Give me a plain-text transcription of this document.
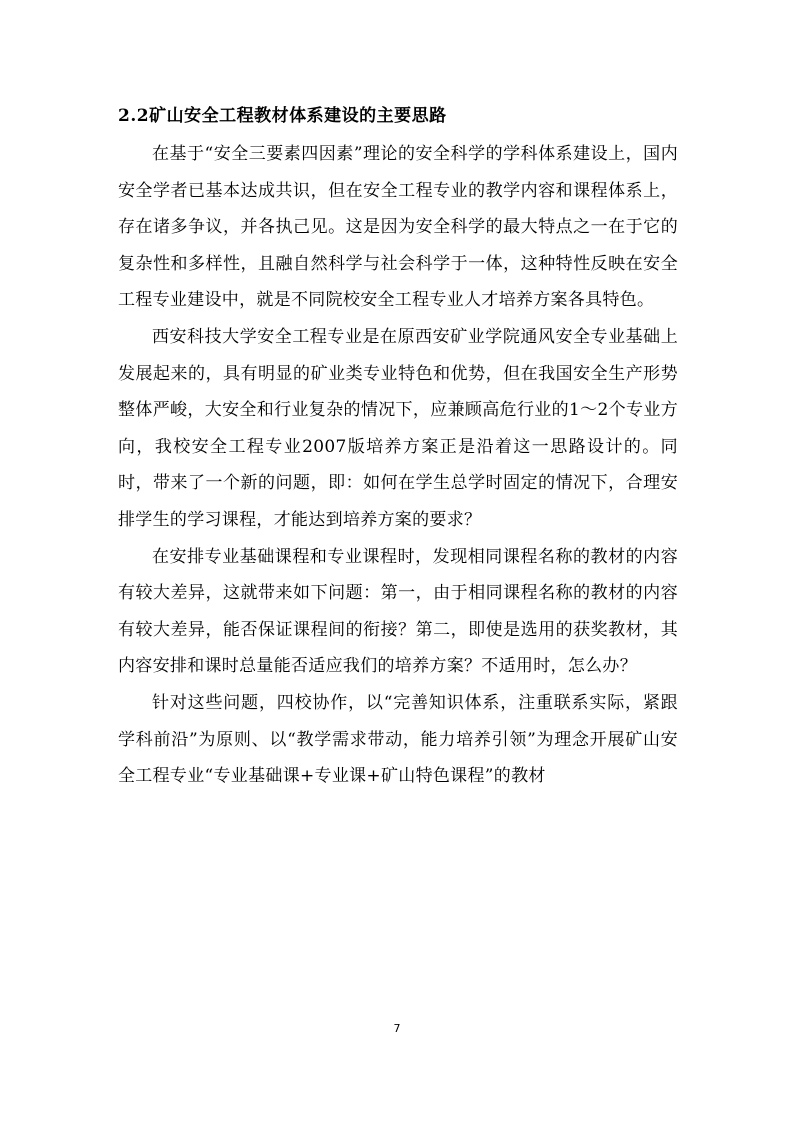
2.2矿山安全工程教材体系建设的主要思路

在基于“安全三要素四因素”理论的安全科学的学科体系建设上，国内安全学者已基本达成共识，但在安全工程专业的教学内容和课程体系上，存在诸多争议，并各执己见。这是因为安全科学的最大特点之一在于它的复杂性和多样性，且融自然科学与社会科学于一体，这种特性反映在安全工程专业建设中，就是不同院校安全工程专业人才培养方案各具特色。

西安科技大学安全工程专业是在原西安矿业学院通风安全专业基础上发展起来的，具有明显的矿业类专业特色和优势，但在我国安全生产形势整体严峻，大安全和行业复杂的情况下，应兼顾高危行业的1～2个专业方向，我校安全工程专业2007版培养方案正是沿着这一思路设计的。同时，带来了一个新的问题，即：如何在学生总学时固定的情况下，合理安排学生的学习课程，才能达到培养方案的要求？

在安排专业基础课程和专业课程时，发现相同课程名称的教材的内容有较大差异，这就带来如下问题：第一，由于相同课程名称的教材的内容有较大差异，能否保证课程间的衔接？第二，即使是选用的获奖教材，其内容安排和课时总量能否适应我们的培养方案？不适用时，怎么办？

针对这些问题，四校协作，以“完善知识体系，注重联系实际，紧跟学科前沿”为原则、以“教学需求带动，能力培养引领”为理念开展矿山安全工程专业“专业基础课+专业课+矿山特色课程”的教材

7
